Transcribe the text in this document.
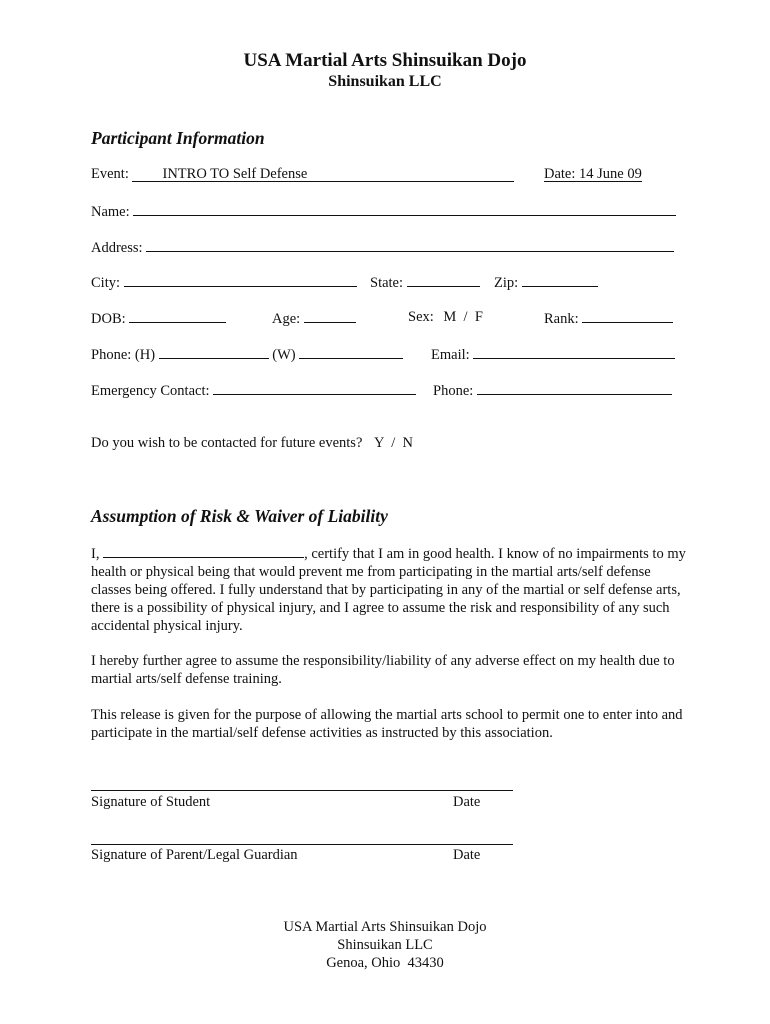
USA Martial Arts Shinsuikan Dojo
Shinsuikan LLC
Participant Information
Event: INTRO TO Self Defense	Date: 14 June 09
Name:
Address:
City:	State:	Zip:
DOB:	Age:	Sex: M  /  F	Rank:
Phone: (H)	(W)	Email:
Emergency Contact:	Phone:
Do you wish to be contacted for future events? Y  /  N
Assumption of Risk & Waiver of Liability
I,	, certify that I am in good health. I know of no impairments to my health or physical being that would prevent me from participating in the martial arts/self defense classes being offered. I fully understand that by participating in any of the martial or self defense arts, there is a possibility of physical injury, and I agree to assume the risk and responsibility of any such accidental physical injury.
I hereby further agree to assume the responsibility/liability of any adverse effect on my health due to martial arts/self defense training.
This release is given for the purpose of allowing the martial arts school to permit one to enter into and participate in the martial/self defense activities as instructed by this association.
Signature of Student	Date
Signature of Parent/Legal Guardian	Date
USA Martial Arts Shinsuikan Dojo
Shinsuikan LLC
Genoa, Ohio  43430
